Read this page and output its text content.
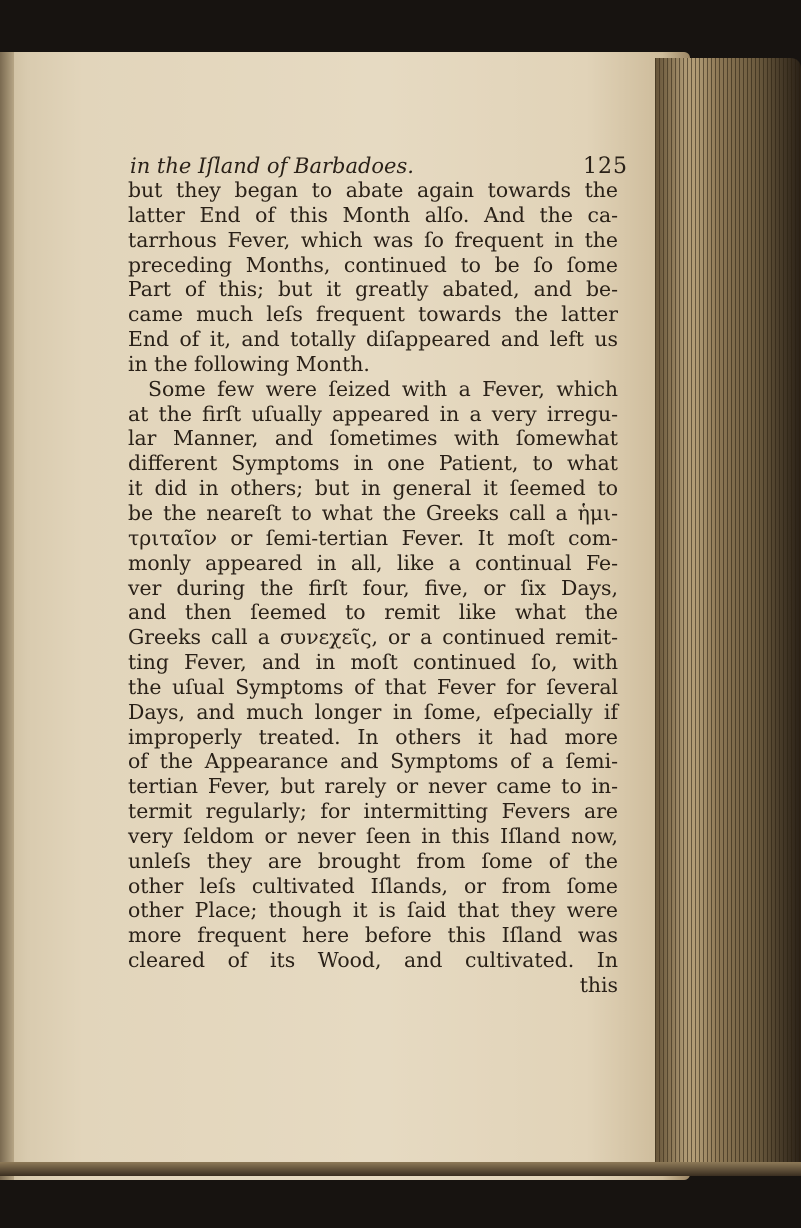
in the Iſland of Barbadoes.	125
but they began to abate again towards the
latter End of this Month alſo. And the ca-
tarrhous Fever, which was ſo frequent in the
preceding Months, continued to be ſo ſome
Part of this; but it greatly abated, and be-
came much leſs frequent towards the latter
End of it, and totally diſappeared and left us
in the following Month.
Some few were ſeized with a Fever, which
at the firſt uſually appeared in a very irregu-
lar Manner, and ſometimes with ſomewhat
different Symptoms in one Patient, to what
it did in others; but in general it ſeemed to
be the neareſt to what the Greeks call a ἡμι-
τριταῖον or ſemi-tertian Fever. It moſt com-
monly appeared in all, like a continual Fe-
ver during the firſt four, five, or ſix Days,
and then ſeemed to remit like what the
Greeks call a συνεχεῖς, or a continued remit-
ting Fever, and in moſt continued ſo, with
the uſual Symptoms of that Fever for ſeveral
Days, and much longer in ſome, eſpecially if
improperly treated. In others it had more
of the Appearance and Symptoms of a ſemi-
tertian Fever, but rarely or never came to in-
termit regularly; for intermitting Fevers are
very ſeldom or never ſeen in this Iſland now,
unleſs they are brought from ſome of the
other leſs cultivated Iſlands, or from ſome
other Place; though it is ſaid that they were
more frequent here before this Iſland was
cleared of its Wood, and cultivated. In
this
